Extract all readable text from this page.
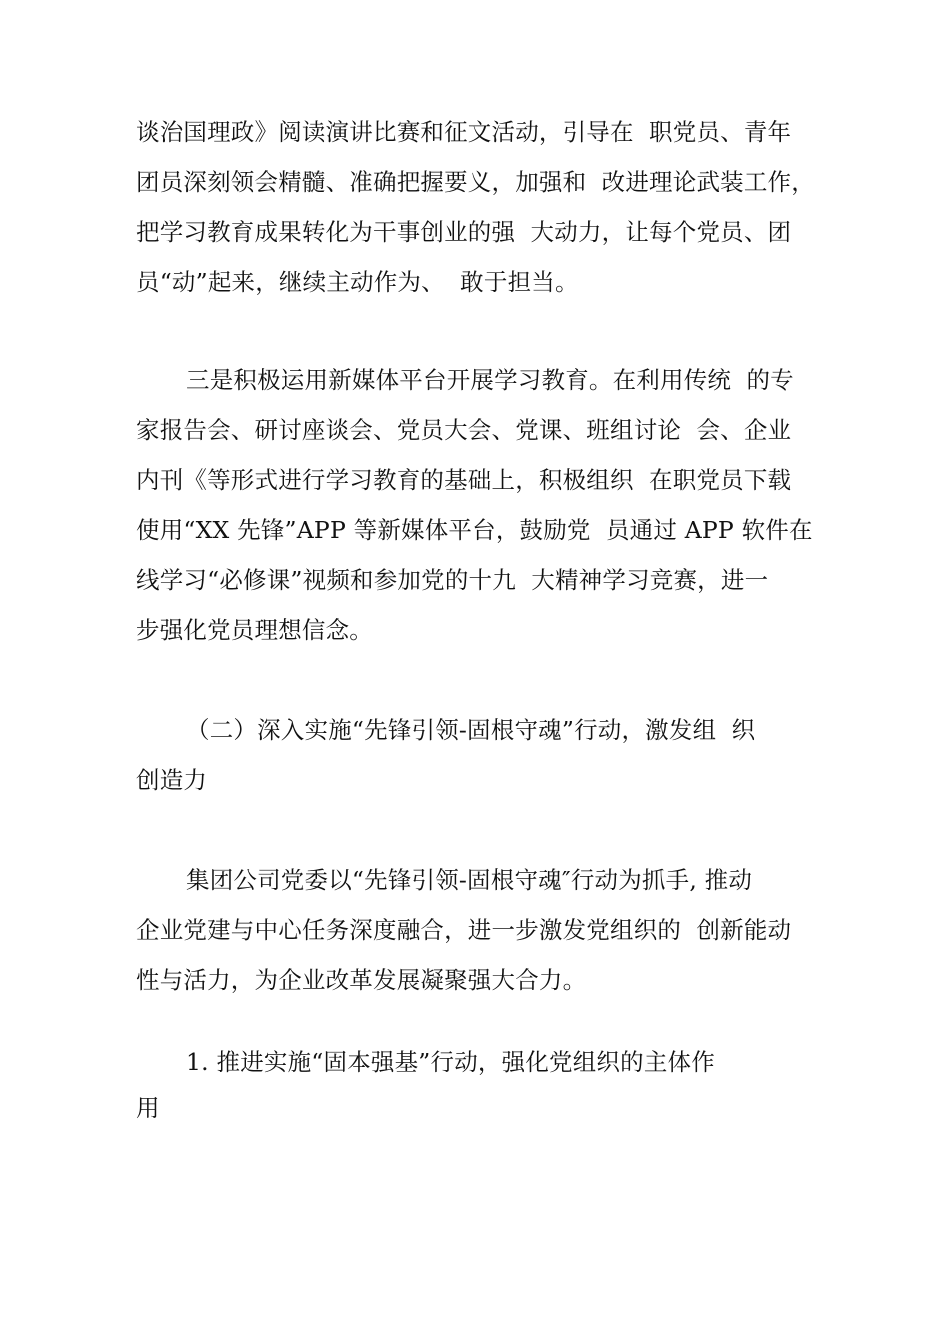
谈治国理政》阅读演讲比赛和征文活动，引导在  职党员、青年
团员深刻领会精髓、准确把握要义，加强和  改进理论武装工作，
把学习教育成果转化为干事创业的强  大动力，让每个党员、团
员“动”起来，继续主动作为、  敢于担当。
三是积极运用新媒体平台开展学习教育。在利用传统  的专
家报告会、研讨座谈会、党员大会、党课、班组讨论  会、企业
内刊《等形式进行学习教育的基础上，积极组织  在职党员下载
使用“XX 先锋”APP 等新媒体平台，鼓励党  员通过 APP 软件在
线学习“必修课”视频和参加党的十九  大精神学习竞赛，进一
步强化党员理想信念。
（二）深入实施“先锋引领-固根守魂”行动，激发组  织
创造力
集团公司党委以“先锋引领-固根守魂″行动为抓手, 推动
企业党建与中心任务深度融合，进一步激发党组织的  创新能动
性与活力，为企业改革发展凝聚强大合力。
1. 推进实施“固本强基”行动，强化党组织的主体作
用
